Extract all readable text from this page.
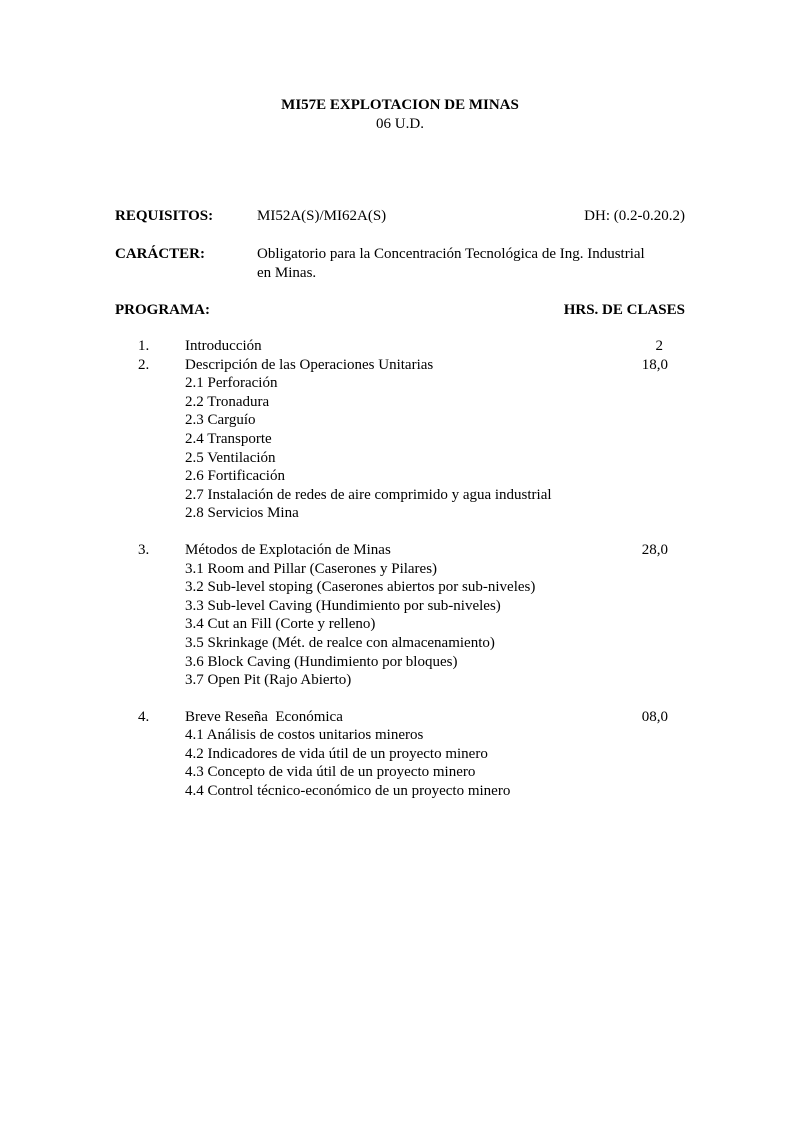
MI57E EXPLOTACION DE MINAS
06 U.D.
REQUISITOS:	MI52A(S)/MI62A(S)	DH: (0.2-0.20.2)
CARÁCTER:	Obligatorio para la Concentración Tecnológica de Ing. Industrial
en Minas.
PROGRAMA:	HRS. DE CLASES
1. Introducción	2
2. Descripción de las Operaciones Unitarias	18,0
2.1 Perforación
2.2 Tronadura
2.3 Carguío
2.4 Transporte
2.5 Ventilación
2.6 Fortificación
2.7 Instalación de redes de aire comprimido y agua industrial
2.8 Servicios Mina
3. Métodos de Explotación de Minas	28,0
3.1 Room and Pillar (Caserones y Pilares)
3.2 Sub-level stoping (Caserones abiertos por sub-niveles)
3.3 Sub-level Caving (Hundimiento por sub-niveles)
3.4 Cut an Fill (Corte y relleno)
3.5 Skrinkage (Mét. de realce con almacenamiento)
3.6 Block Caving (Hundimiento por bloques)
3.7 Open Pit (Rajo Abierto)
4. Breve Reseña  Económica	08,0
4.1 Análisis de costos unitarios mineros
4.2 Indicadores de vida útil de un proyecto minero
4.3 Concepto de vida útil de un proyecto minero
4.4 Control técnico-económico de un proyecto minero
